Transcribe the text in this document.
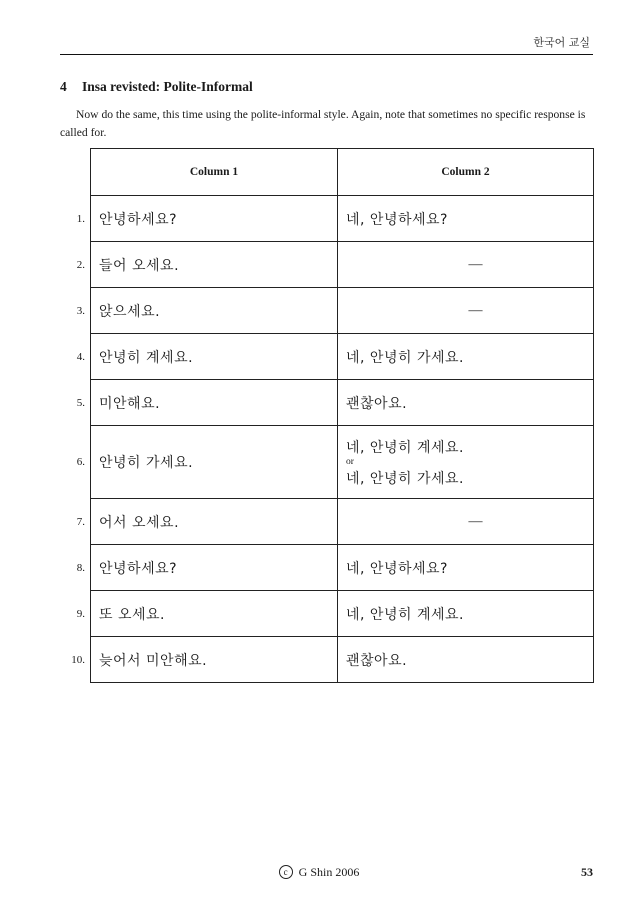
한국어 교실
4 Insa revisted: Polite-Informal
Now do the same, this time using the polite-informal style. Again, note that sometimes no specific response is called for.
Column 1	Column 2

1. 안녕하세요?	네, 안녕하세요?

2. 들어 오세요.	—

3. 앉으세요.	—

4. 안녕히 계세요.	네, 안녕히 가세요.

5. 미안해요.	괜찮아요.

6. 안녕히 가세요.	네, 안녕히 계세요.
or
네, 안녕히 가세요.

7. 어서 오세요.	—

8. 안녕하세요?	네, 안녕하세요?

9. 또 오세요.	네, 안녕히 계세요.

10. 늦어서 미안해요.	괜찮아요.
c G Shin 2006	53
